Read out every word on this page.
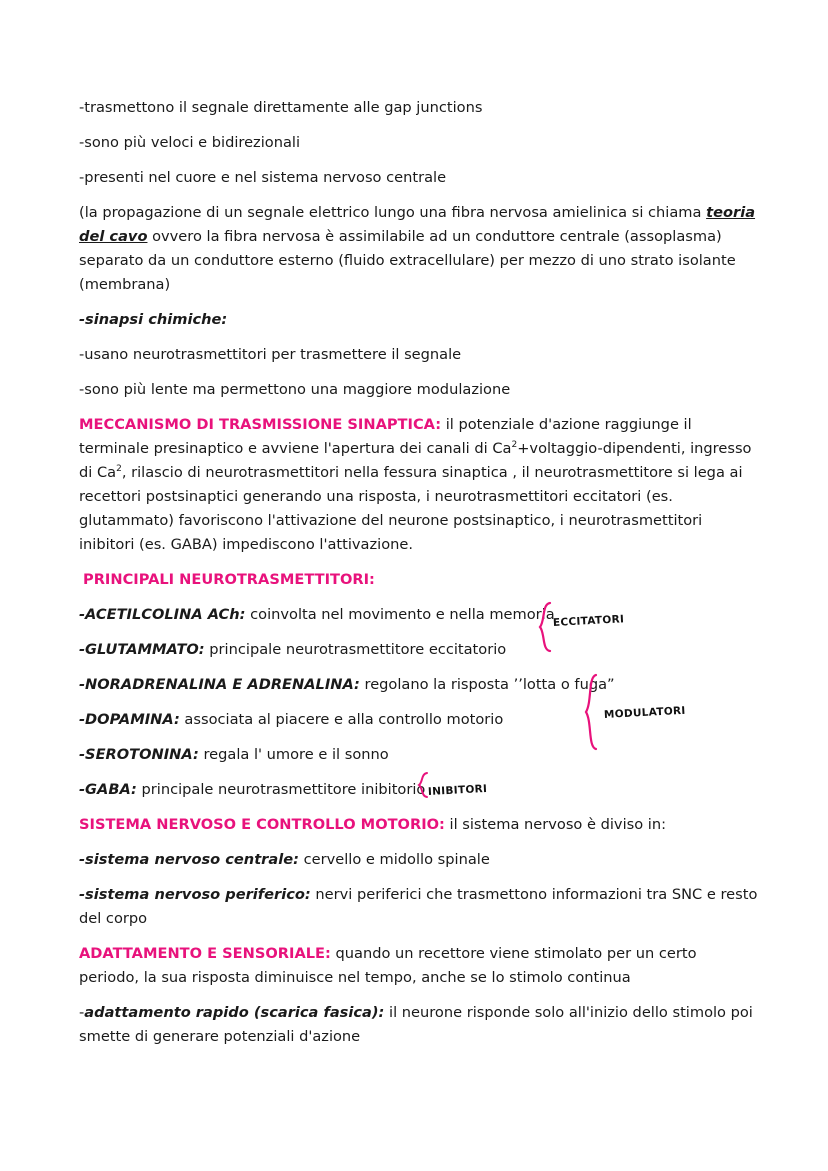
-trasmettono il segnale direttamente alle gap junctions

-sono più veloci e bidirezionali

-presenti nel cuore e nel sistema nervoso centrale

(la propagazione di un segnale elettrico lungo una fibra nervosa amielinica si chiama teoria del cavo ovvero la fibra nervosa è assimilabile ad un conduttore centrale (assoplasma) separato da un conduttore esterno (fluido extracellulare) per mezzo di uno strato isolante (membrana)

-sinapsi chimiche:

-usano neurotrasmettitori per trasmettere il segnale

-sono più lente ma permettono una maggiore modulazione

MECCANISMO DI TRASMISSIONE SINAPTICA: il potenziale d'azione raggiunge il terminale presinaptico e avviene l'apertura dei canali di $Ca^2+voltaggio$-dipendenti, ingresso di Ca$^2$, rilascio di neurotrasmettitori nella fessura sinaptica , il neurotrasmettitore si lega ai recettori postsinaptici generando una risposta, i neurotrasmettitori eccitatori (es. glutammato) favoriscono l'attivazione del neurone postsinaptico, i neurotrasmettitori inibitori (es. GABA) impediscono l'attivazione.

PRINCIPALI NEUROTRASMETTITORI:

-ACETILCOLINA ACh: coinvolta nel movimento e nella memoria

-GLUTAMMATO: principale neurotrasmettitore eccitatorio

-NORADRENALINA E ADRENALINA: regolano la risposta ’’lotta o fuga”

-DOPAMINA: associata al piacere e alla controllo motorio

-SEROTONINA: regala l' umore e il sonno

-GABA: principale neurotrasmettitore inibitorio

SISTEMA NERVOSO E CONTROLLO MOTORIO: il sistema nervoso è diviso in:

-sistema nervoso centrale: cervello e midollo spinale

-sistema nervoso periferico: nervi periferici che trasmettono informazioni tra SNC e resto del corpo

ADATTAMENTO E SENSORIALE: quando un recettore viene stimolato per un certo periodo, la sua risposta diminuisce nel tempo, anche se lo stimolo continua

-adattamento rapido (scarica fasica): il neurone risponde solo all'inizio dello stimolo poi smette di generare potenziali d'azione

ECCITATORI
MODULATORI
INIBITORI
